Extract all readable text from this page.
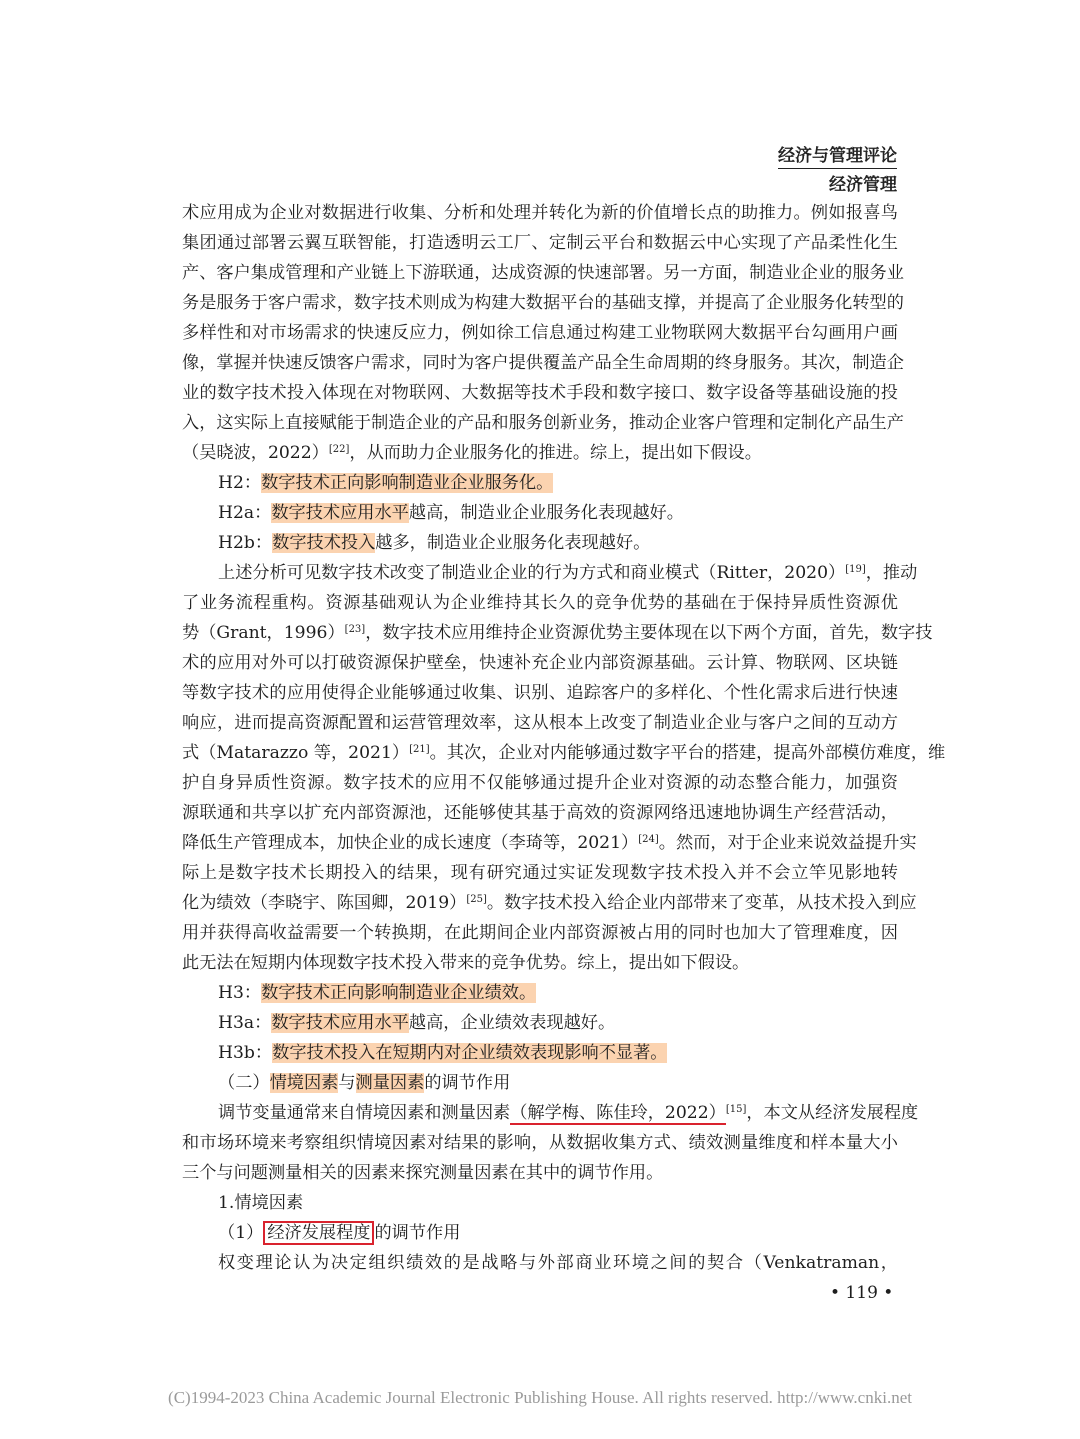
经济与管理评论
经济管理
术应用成为企业对数据进行收集、分析和处理并转化为新的价值增长点的助推力。例如报喜鸟
集团通过部署云翼互联智能，打造透明云工厂、定制云平台和数据云中心实现了产品柔性化生
产、客户集成管理和产业链上下游联通，达成资源的快速部署。另一方面，制造业企业的服务业
务是服务于客户需求，数字技术则成为构建大数据平台的基础支撑，并提高了企业服务化转型的
多样性和对市场需求的快速反应力，例如徐工信息通过构建工业物联网大数据平台勾画用户画
像，掌握并快速反馈客户需求，同时为客户提供覆盖产品全生命周期的终身服务。其次，制造企
业的数字技术投入体现在对物联网、大数据等技术手段和数字接口、数字设备等基础设施的投
入，这实际上直接赋能于制造企业的产品和服务创新业务，推动企业客户管理和定制化产品生产
（吴晓波，2022）[22]，从而助力企业服务化的推进。综上，提出如下假设。
H2：数字技术正向影响制造业企业服务化。
H2a：数字技术应用水平越高，制造业企业服务化表现越好。
H2b：数字技术投入越多，制造业企业服务化表现越好。
上述分析可见数字技术改变了制造业企业的行为方式和商业模式（Ritter，2020）[19]，推动
了业务流程重构。资源基础观认为企业维持其长久的竞争优势的基础在于保持异质性资源优
势（Grant，1996）[23]，数字技术应用维持企业资源优势主要体现在以下两个方面，首先，数字技
术的应用对外可以打破资源保护壁垒，快速补充企业内部资源基础。云计算、物联网、区块链
等数字技术的应用使得企业能够通过收集、识别、追踪客户的多样化、个性化需求后进行快速
响应，进而提高资源配置和运营管理效率，这从根本上改变了制造业企业与客户之间的互动方
式（Matarazzo 等，2021）[21]。其次，企业对内能够通过数字平台的搭建，提高外部模仿难度，维
护自身异质性资源。数字技术的应用不仅能够通过提升企业对资源的动态整合能力，加强资
源联通和共享以扩充内部资源池，还能够使其基于高效的资源网络迅速地协调生产经营活动，
降低生产管理成本，加快企业的成长速度（李琦等，2021）[24]。然而，对于企业来说效益提升实
际上是数字技术长期投入的结果，现有研究通过实证发现数字技术投入并不会立竿见影地转
化为绩效（李晓宇、陈国卿，2019）[25]。数字技术投入给企业内部带来了变革，从技术投入到应
用并获得高收益需要一个转换期，在此期间企业内部资源被占用的同时也加大了管理难度，因
此无法在短期内体现数字技术投入带来的竞争优势。综上，提出如下假设。
H3：数字技术正向影响制造业企业绩效。
H3a：数字技术应用水平越高，企业绩效表现越好。
H3b：数字技术投入在短期内对企业绩效表现影响不显著。
（二）情境因素与测量因素的调节作用
调节变量通常来自情境因素和测量因素（解学梅、陈佳玲，2022）[15]，本文从经济发展程度
和市场环境来考察组织情境因素对结果的影响，从数据收集方式、绩效测量维度和样本量大小
三个与问题测量相关的因素来探究测量因素在其中的调节作用。
1.情境因素
（1） 经济发展程度 的调节作用
权变理论认为决定组织绩效的是战略与外部商业环境之间的契合（Venkatraman，
• 119 •
(C)1994-2023 China Academic Journal Electronic Publishing House. All rights reserved. http://www.cnki.net
